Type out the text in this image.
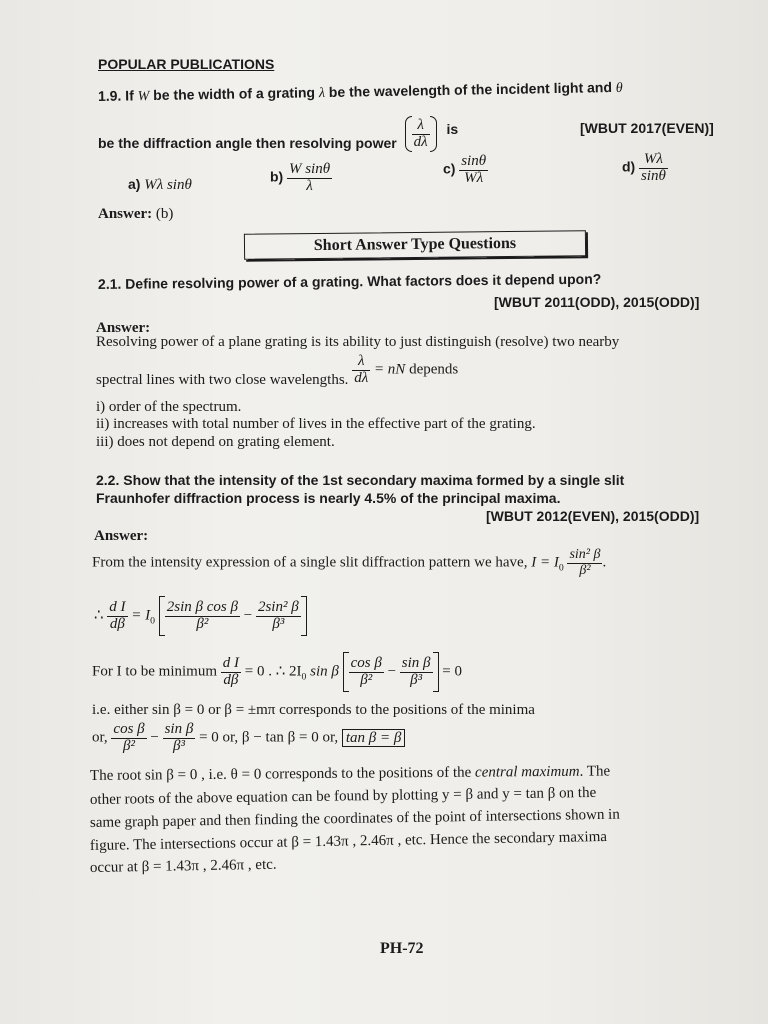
POPULAR PUBLICATIONS
1.9. If W be the width of a grating λ be the wavelength of the incident light and θ
be the diffraction angle then resolving power $\frac{\lambda}{d\lambda}$ is	[WBUT 2017(EVEN)]
a) Wλ sinθ
$b) \frac{\text{W sinθ}}{\lambda}$	$c) \frac{\sin\theta}{W\lambda}$	$d) \frac{W\lambda}{\sin\theta}$
Answer: (b)
Short Answer Type Questions
2.1. Define resolving power of a grating. What factors does it depend upon?
[WBUT 2011(ODD), 2015(ODD)]
Answer:
Resolving power of a plane grating is its ability to just distinguish (resolve) two nearby
spectral lines with two close wavelengths. $\frac{\lambda}{d\lambda}$ = nN depends
i) order of the spectrum.
ii) increases with total number of lives in the effective part of the grating.
iii) does not depend on grating element.
2.2. Show that the intensity of the 1st secondary maxima formed by a single slit
Fraunhofer diffraction process is nearly 4.5% of the principal maxima.
[WBUT 2012(EVEN), 2015(ODD)]
Answer:
From the intensity expression of a single slit diffraction pattern we have, $I = I_0 \frac{\text{sin² β}}{\text{β²}}$ .
∴ $\frac{\text{d I}}{d\beta} = I_0 \frac{\text{2sin β cos β}}{\text{β²}} - \frac{\text{2sin² β}}{\text{β³}}$
For I to be minimum $\frac{\text{d I}}{d\beta} = 0$ . ∴ $2I_0$ sin β $\frac{\text{cos β}}{\text{β²}} - \frac{\text{sin β}}{\text{β³}} = 0$
i.e. either sin β = 0 or β = ±mπ corresponds to the positions of the minima
or, $\frac{\text{cos β}}{\text{β²}} - \frac{\text{sin β}}{\text{β³}} = 0$ or, β − tan β = 0 or, tan β = β
The root sin β = 0 , i.e. θ = 0 corresponds to the positions of the central maximum. The
other roots of the above equation can be found by plotting y = β and y = tan β on the
same graph paper and then finding the coordinates of the point of intersections shown in
figure. The intersections occur at β = 1.43π , 2.46π , etc. Hence the secondary maxima
occur at β = 1.43π , 2.46π , etc.
PH-72
